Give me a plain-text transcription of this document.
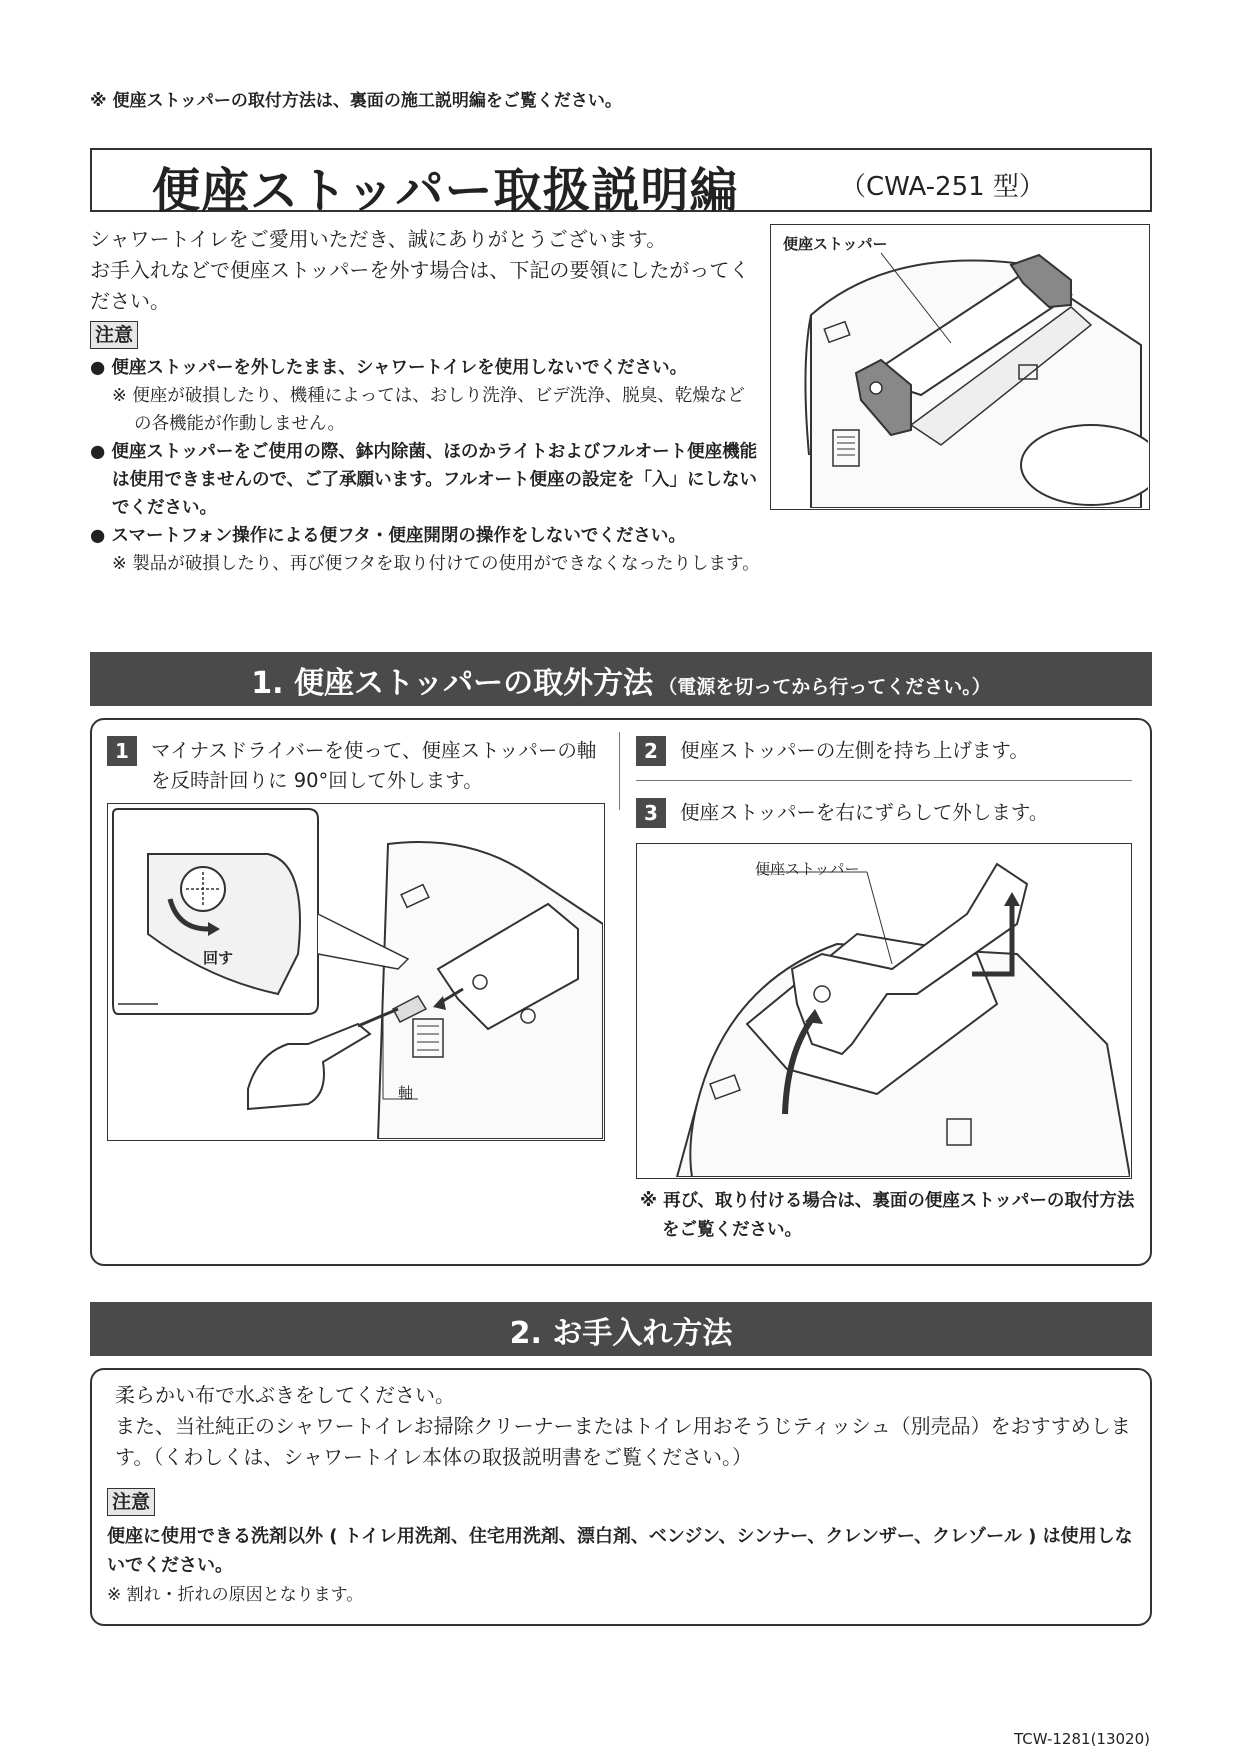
※ 便座ストッパーの取付方法は、裏面の施工説明編をご覧ください。
便座ストッパー取扱説明編	（CWA-251 型）
シャワートイレをご愛用いただき、誠にありがとうございます。
お手入れなどで便座ストッパーを外す場合は、下記の要領にしたがってください。
注意
● 便座ストッパーを外したまま、シャワートイレを使用しないでください。
※ 便座が破損したり、機種によっては、おしり洗浄、ビデ洗浄、脱臭、乾燥などの各機能が作動しません。
● 便座ストッパーをご使用の際、鉢内除菌、ほのかライトおよびフルオート便座機能は使用できませんので、ご了承願います。フルオート便座の設定を「入」にしないでください。
● スマートフォン操作による便フタ・便座開閉の操作をしないでください。
※ 製品が破損したり、再び便フタを取り付けての使用ができなくなったりします。
便座ストッパー
1. 便座ストッパーの取外方法 （電源を切ってから行ってください。）
1	マイナスドライバーを使って、便座ストッパーの軸を反時計回りに 90°回して外します。
2	便座ストッパーの左側を持ち上げます。
3	便座ストッパーを右にずらして外します。
回す
軸
便座ストッパー
※ 再び、取り付ける場合は、裏面の便座ストッパーの取付方法をご覧ください。
2. お手入れ方法
柔らかい布で水ぶきをしてください。
また、当社純正のシャワートイレお掃除クリーナーまたはトイレ用おそうじティッシュ（別売品）をおすすめします。（くわしくは、シャワートイレ本体の取扱説明書をご覧ください。）
注意
便座に使用できる洗剤以外 ( トイレ用洗剤、住宅用洗剤、漂白剤、ベンジン、シンナー、クレンザー、クレゾール ) は使用しないでください。
※ 割れ・折れの原因となります。
TCW-1281(13020)
